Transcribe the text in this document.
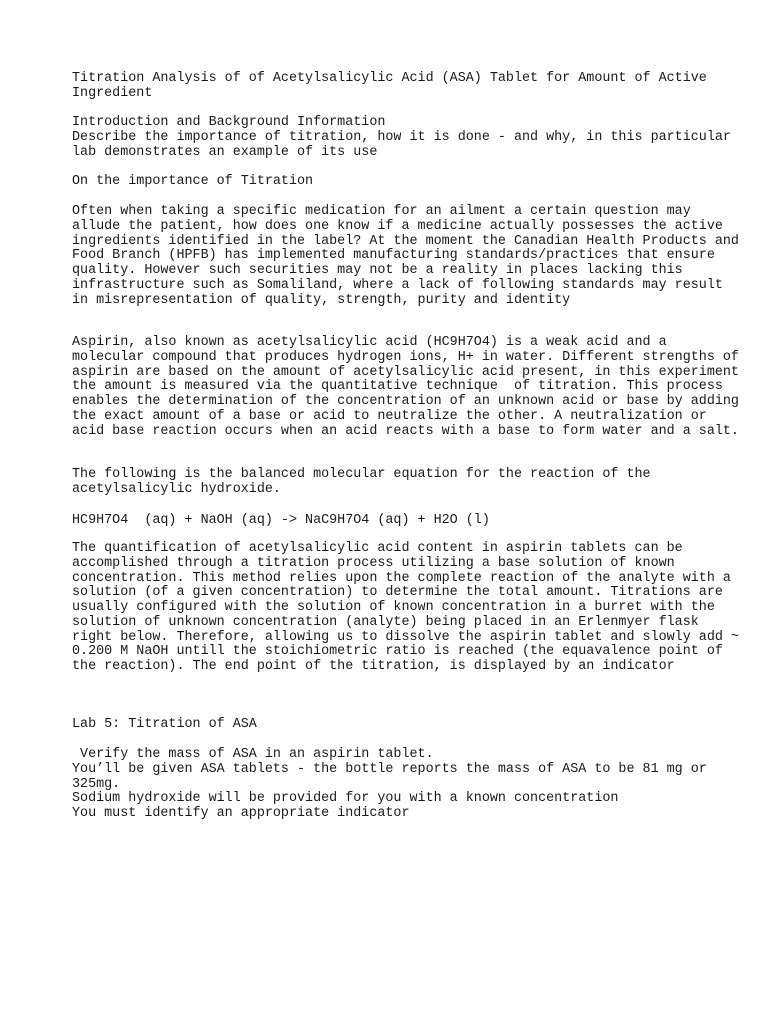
Titration Analysis of of Acetylsalicylic Acid (ASA) Tablet for Amount of Active
Ingredient

Introduction and Background Information
Describe the importance of titration, how it is done - and why, in this particular
lab demonstrates an example of its use

On the importance of Titration

Often when taking a specific medication for an ailment a certain question may
allude the patient, how does one know if a medicine actually possesses the active
ingredients identified in the label? At the moment the Canadian Health Products and
Food Branch (HPFB) has implemented manufacturing standards/practices that ensure
quality. However such securities may not be a reality in places lacking this
infrastructure such as Somaliland, where a lack of following standards may result
in misrepresentation of quality, strength, purity and identity

Aspirin, also known as acetylsalicylic acid (HC9H7O4) is a weak acid and a
molecular compound that produces hydrogen ions, H+ in water. Different strengths of
aspirin are based on the amount of acetylsalicylic acid present, in this experiment
the amount is measured via the quantitative technique  of titration. This process
enables the determination of the concentration of an unknown acid or base by adding
the exact amount of a base or acid to neutralize the other. A neutralization or
acid base reaction occurs when an acid reacts with a base to form water and a salt.

The following is the balanced molecular equation for the reaction of the
acetylsalicylic hydroxide.

HC9H7O4  (aq) + NaOH (aq) -> NaC9H7O4 (aq) + H2O (l)

The quantification of acetylsalicylic acid content in aspirin tablets can be
accomplished through a titration process utilizing a base solution of known
concentration. This method relies upon the complete reaction of the analyte with a
solution (of a given concentration) to determine the total amount. Titrations are
usually configured with the solution of known concentration in a burret with the
solution of unknown concentration (analyte) being placed in an Erlenmyer flask
right below. Therefore, allowing us to dissolve the aspirin tablet and slowly add ~
0.200 M NaOH untill the stoichiometric ratio is reached (the equavalence point of
the reaction). The end point of the titration, is displayed by an indicator

Lab 5: Titration of ASA

Verify the mass of ASA in an aspirin tablet.
You’ll be given ASA tablets - the bottle reports the mass of ASA to be 81 mg or
325mg.
Sodium hydroxide will be provided for you with a known concentration
You must identify an appropriate indicator
